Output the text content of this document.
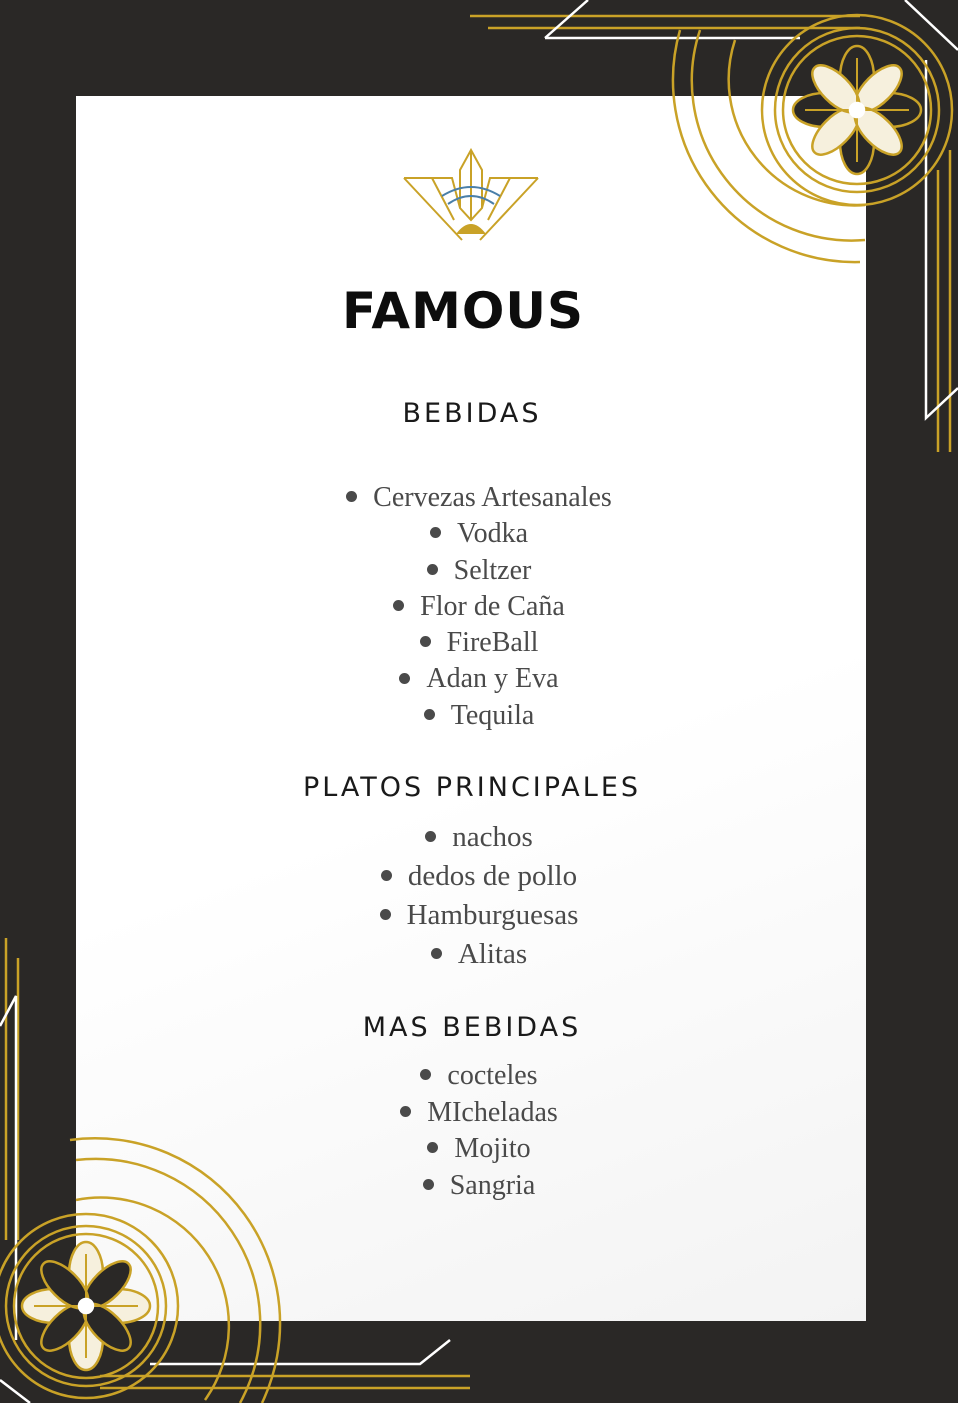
FAMOUS
BEBIDAS
Cervezas Artesanales
Vodka
Seltzer
Flor de Caña
FireBall
Adan y Eva
Tequila
PLATOS PRINCIPALES
nachos
dedos de pollo
Hamburguesas
Alitas
MAS BEBIDAS
cocteles
MIcheladas
Mojito
Sangria
